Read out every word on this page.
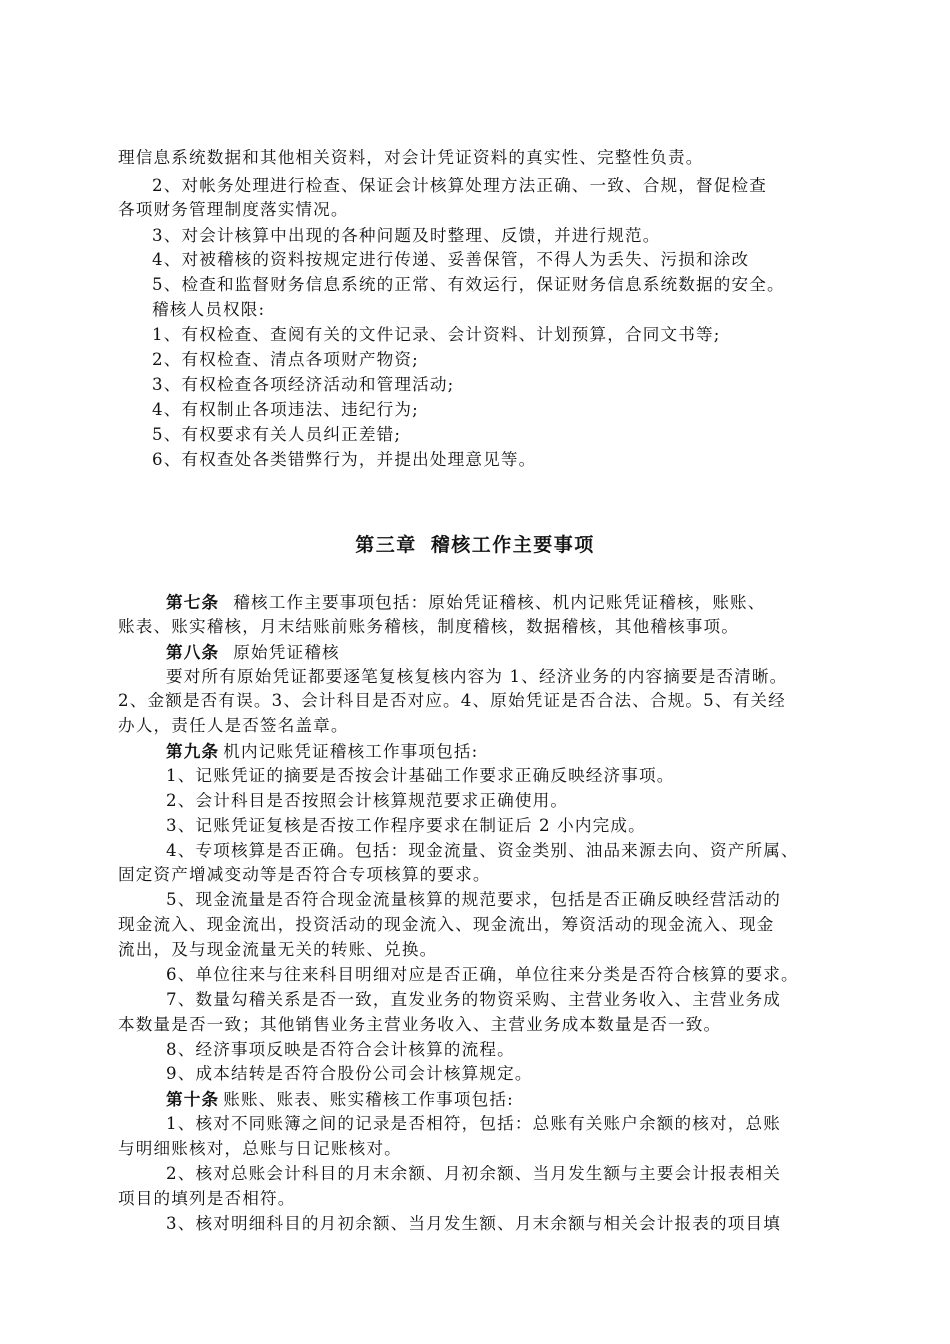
理信息系统数据和其他相关资料，对会计凭证资料的真实性、完整性负责。
2、对帐务处理进行检查、保证会计核算处理方法正确、一致、合规，督促检查
各项财务管理制度落实情况。
3、对会计核算中出现的各种问题及时整理、反馈，并进行规范。
4、对被稽核的资料按规定进行传递、妥善保管，不得人为丢失、污损和涂改
5、检查和监督财务信息系统的正常、有效运行，保证财务信息系统数据的安全。
稽核人员权限:
1、有权检查、查阅有关的文件记录、会计资料、计划预算，合同文书等;
2、有权检查、清点各项财产物资;
3、有权检查各项经济活动和管理活动;
4、有权制止各项违法、违纪行为;
5、有权要求有关人员纠正差错;
6、有权查处各类错弊行为，并提出处理意见等。
第三章 稽核工作主要事项
第七条 稽核工作主要事项包括：原始凭证稽核、机内记账凭证稽核，账账、
账表、账实稽核，月末结账前账务稽核，制度稽核，数据稽核，其他稽核事项。
第八条 原始凭证稽核
要对所有原始凭证都要逐笔复核复核内容为 1、经济业务的内容摘要是否清晰。
2、金额是否有误。3、会计科目是否对应。4、原始凭证是否合法、合规。5、有关经
办人，责任人是否签名盖章。
第九条 机内记账凭证稽核工作事项包括:
1、记账凭证的摘要是否按会计基础工作要求正确反映经济事项。
2、会计科目是否按照会计核算规范要求正确使用。
3、记账凭证复核是否按工作程序要求在制证后 2 小内完成。
4、专项核算是否正确。包括：现金流量、资金类别、油品来源去向、资产所属、
固定资产增减变动等是否符合专项核算的要求。
5、现金流量是否符合现金流量核算的规范要求，包括是否正确反映经营活动的
现金流入、现金流出，投资活动的现金流入、现金流出，筹资活动的现金流入、现金
流出，及与现金流量无关的转账、兑换。
6、单位往来与往来科目明细对应是否正确，单位往来分类是否符合核算的要求。
7、数量勾稽关系是否一致，直发业务的物资采购、主营业务收入、主营业务成
本数量是否一致；其他销售业务主营业务收入、主营业务成本数量是否一致。
8、经济事项反映是否符合会计核算的流程。
9、成本结转是否符合股份公司会计核算规定。
第十条 账账、账表、账实稽核工作事项包括:
1、核对不同账簿之间的记录是否相符，包括：总账有关账户余额的核对，总账
与明细账核对，总账与日记账核对。
2、核对总账会计科目的月末余额、月初余额、当月发生额与主要会计报表相关
项目的填列是否相符。
3、核对明细科目的月初余额、当月发生额、月末余额与相关会计报表的项目填
